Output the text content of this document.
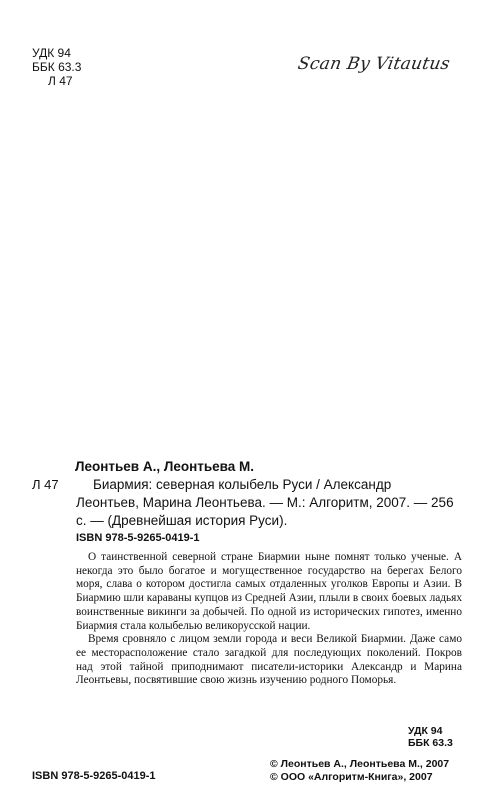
УДК 94
ББК 63.3
Л 47
Scan By Vitautus
Леонтьев А., Леонтьева М.
Л 47	Биармия: северная колыбель Руси / Александр Леонтьев, Марина Леонтьева. — М.: Алгоритм, 2007. — 256 с. — (Древнейшая история Руси).
ISBN 978-5-9265-0419-1

О таинственной северной стране Биармии ныне помнят только ученые. А некогда это было богатое и могущественное государство на берегах Белого моря, слава о котором достигла самых отдаленных уголков Европы и Азии. В Биармию шли караваны купцов из Средней Азии, плыли в своих боевых ладьях воинственные викинги за добычей. По одной из исторических гипотез, именно Биармия стала колыбелью великорусской нации.

Время сровняло с лицом земли города и веси Великой Биармии. Даже само ее месторасположение стало загадкой для последующих поколений. Покров над этой тайной приподнимают писатели-историки Александр и Марина Леонтьевы, посвятившие свою жизнь изучению родного Поморья.

УДК 94
ББК 63.3
ISBN 978-5-9265-0419-1
© Леонтьев А., Леонтьева М., 2007
© ООО «Алгоритм-Книга», 2007
